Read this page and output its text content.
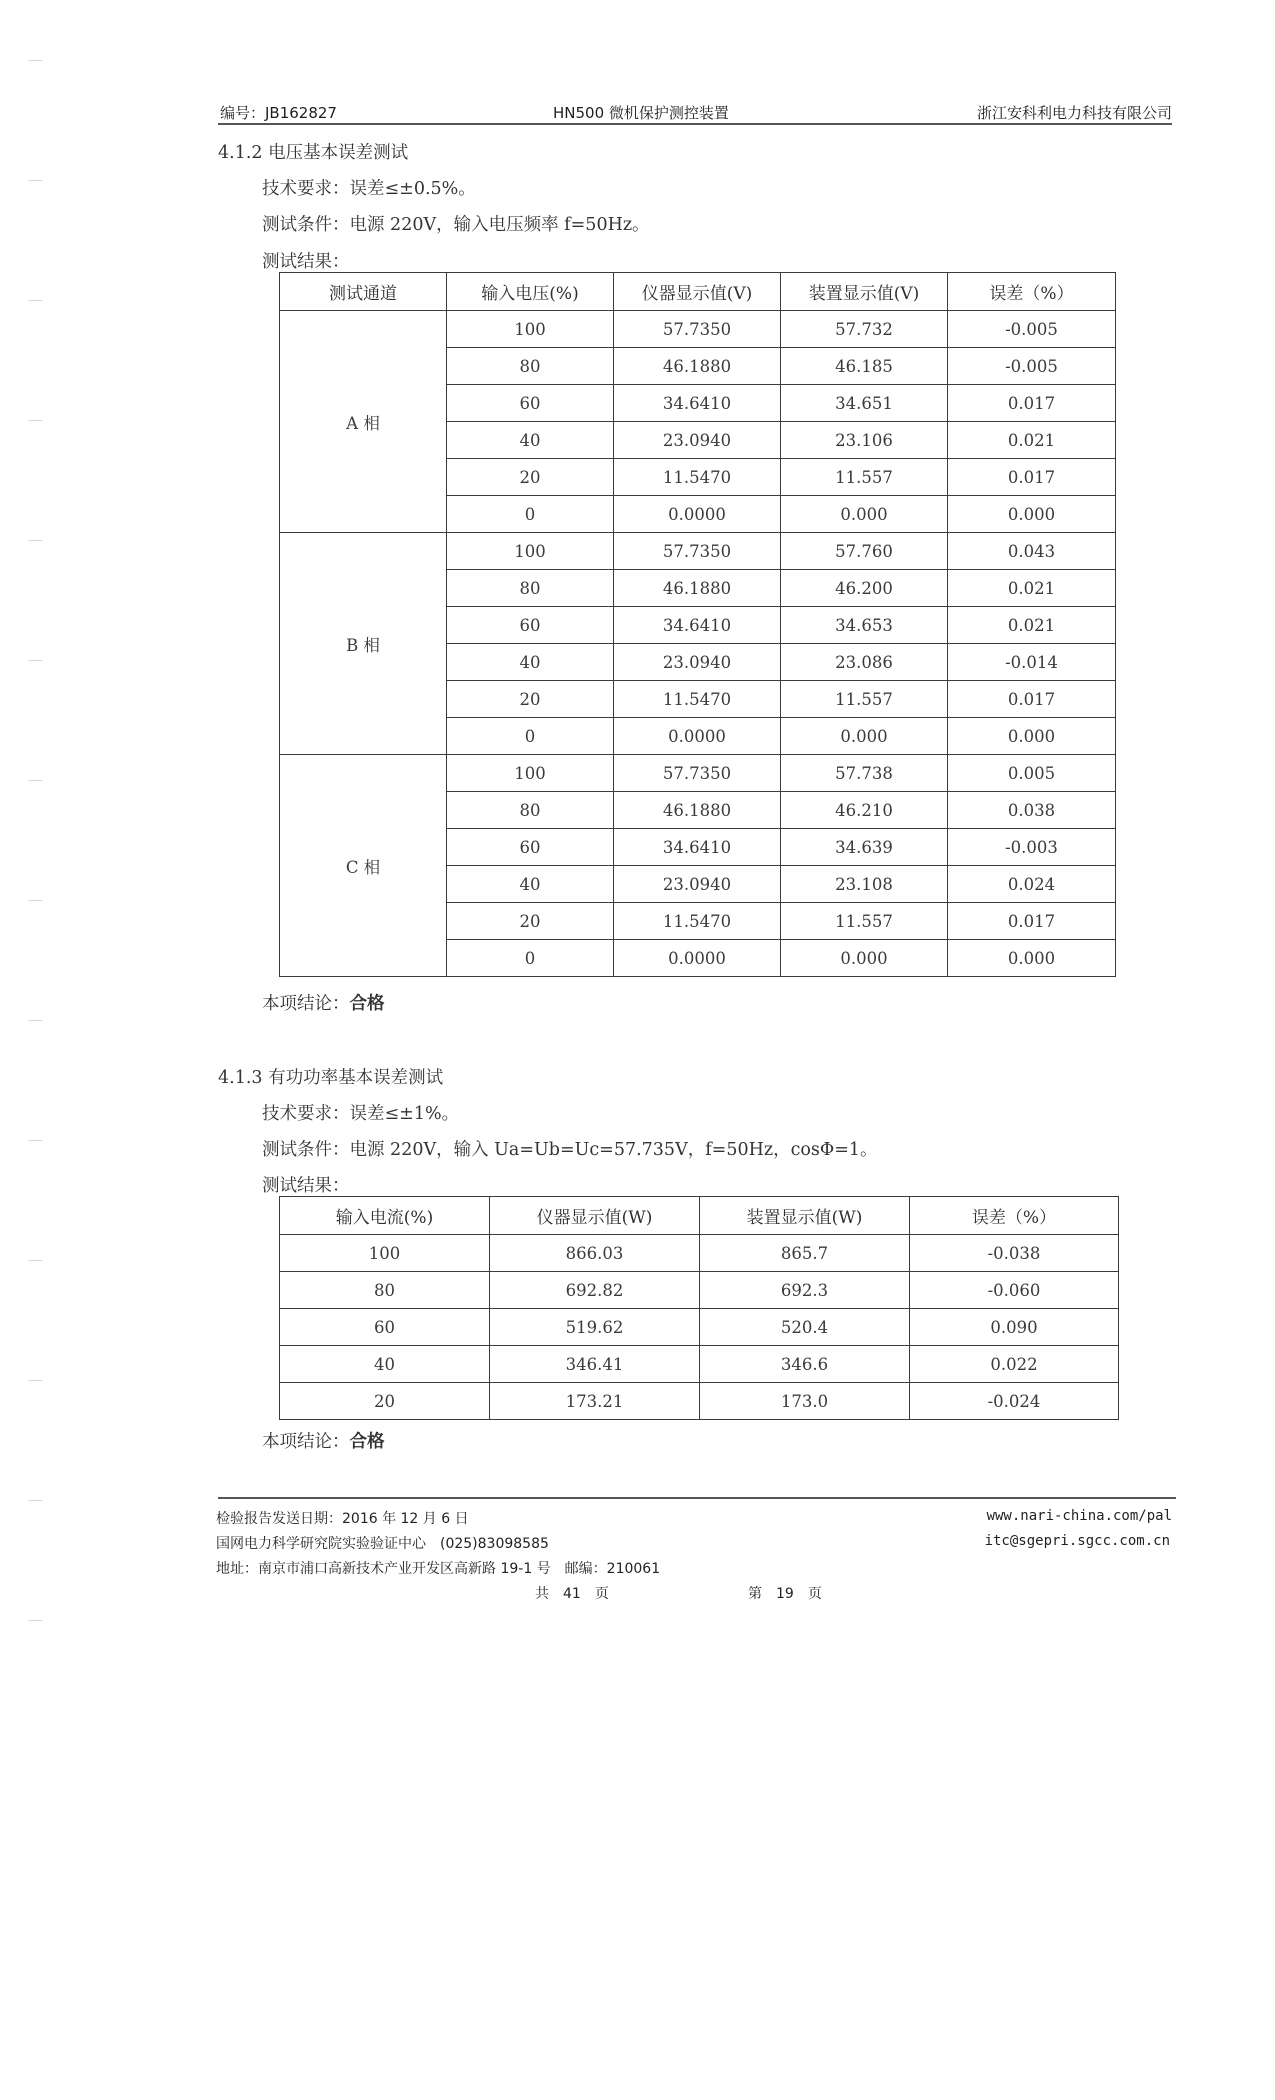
编号：JB162827	HN500 微机保护测控装置	浙江安科利电力科技有限公司
4.1.2 电压基本误差测试
技术要求：误差≤±0.5%。
测试条件：电源 220V，输入电压频率 f=50Hz。
测试结果：
测试通道	输入电压(%)	仪器显示值(V)	装置显示值(V)	误差（%）
A 相	100	57.7350	57.732	-0.005
	80	46.1880	46.185	-0.005
	60	34.6410	34.651	0.017
	40	23.0940	23.106	0.021
	20	11.5470	11.557	0.017
	0	0.0000	0.000	0.000
B 相	100	57.7350	57.760	0.043
	80	46.1880	46.200	0.021
	60	34.6410	34.653	0.021
	40	23.0940	23.086	-0.014
	20	11.5470	11.557	0.017
	0	0.0000	0.000	0.000
C 相	100	57.7350	57.738	0.005
	80	46.1880	46.210	0.038
	60	34.6410	34.639	-0.003
	40	23.0940	23.108	0.024
	20	11.5470	11.557	0.017
	0	0.0000	0.000	0.000
本项结论：合格
4.1.3 有功功率基本误差测试
技术要求：误差≤±1%。
测试条件：电源 220V，输入 Ua=Ub=Uc=57.735V，f=50Hz，cosΦ=1。
测试结果：
输入电流(%)	仪器显示值(W)	装置显示值(W)	误差（%）
100	866.03	865.7	-0.038
80	692.82	692.3	-0.060
60	519.62	520.4	0.090
40	346.41	346.6	0.022
20	173.21	173.0	-0.024
本项结论：合格
检验报告发送日期：2016 年 12 月 6 日
国网电力科学研究院实验验证中心　(025)83098585
地址：南京市浦口高新技术产业开发区高新路 19-1 号　邮编：210061
www.nari-china.com/pal
itc@sgepri.sgcc.com.cn
共　41　页	第　19　页
